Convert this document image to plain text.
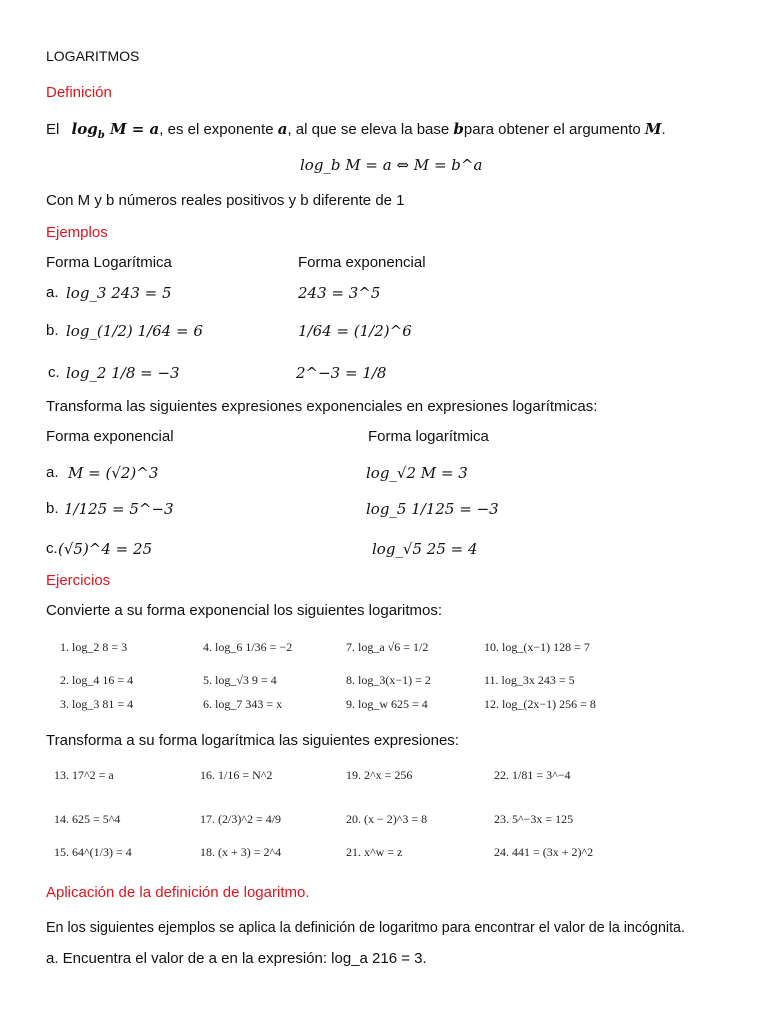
LOGARITMOS
Definición
El $\log_b M = a$, es el exponente a, al que se eleva la base bpara obtener el argumento M.
log_b M = a ⇔ M = b^a
Con M y b números reales positivos y b diferente de 1
Ejemplos
Forma Logarítmica	Forma exponencial
a. log_3 243 = 5	243 = 3^5
b. log_(1/2) 1/64 = 6	1/64 = (1/2)^6
c. log_2 1/8 = −3	2^−3 = 1/8
Transforma las siguientes expresiones exponenciales en expresiones logarítmicas:
Forma exponencial	Forma logarítmica
a. M = (√2)^3	log_√2 M = 3
b. 1/125 = 5^−3	log_5 1/125 = −3
c. (√5)^4 = 25	log_√5 25 = 4
Ejercicios
Convierte a su forma exponencial los siguientes logaritmos:
1. log_2 8 = 3	4. log_6 1/36 = −2	7. log_a √6 = 1/2	10. log_(x−1) 128 = 7
2. log_4 16 = 4	5. log_√3 9 = 4	8. log_3(x−1) = 2	11. log_3x 243 = 5
3. log_3 81 = 4	6. log_7 343 = x	9. log_w 625 = 4	12. log_(2x−1) 256 = 8
Transforma a su forma logarítmica las siguientes expresiones:
13. 17^2 = a	16. 1/16 = N^2	19. 2^x = 256	22. 1/81 = 3^−4
14. 625 = 5^4	17. (2/3)^2 = 4/9	20. (x − 2)^3 = 8	23. 5^−3x = 125
15. 64^(1/3) = 4	18. (x + 3) = 2^4	21. x^w = z	24. 441 = (3x + 2)^2
Aplicación de la definición de logaritmo.
En los siguientes ejemplos se aplica la definición de logaritmo para encontrar el valor de la incógnita.
a. Encuentra el valor de a en la expresión: log_a 216 = 3.
